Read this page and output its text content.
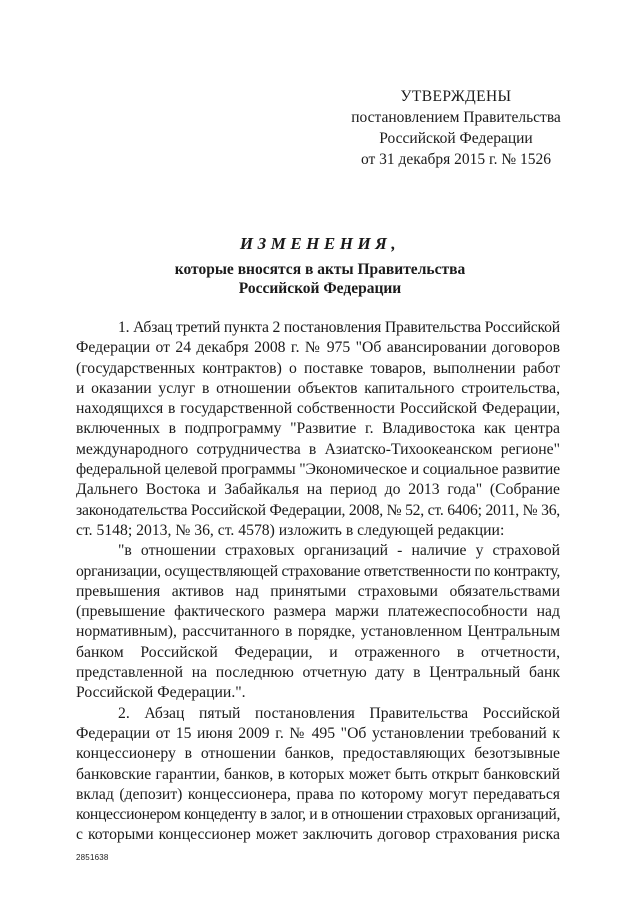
УТВЕРЖДЕНЫ
постановлением Правительства
Российской Федерации
от 31 декабря 2015 г. № 1526
ИЗМЕНЕНИЯ,
которые вносятся в акты Правительства
Российской Федерации
1. Абзац третий пункта 2 постановления Правительства Российской
Федерации от 24 декабря 2008 г. № 975 "Об авансировании договоров
(государственных контрактов) о поставке товаров, выполнении работ
и оказании услуг в отношении объектов капитального строительства,
находящихся в государственной собственности Российской Федерации,
включенных в подпрограмму "Развитие г. Владивостока как центра
международного сотрудничества в Азиатско-Тихоокеанском регионе"
федеральной целевой программы "Экономическое и социальное развитие
Дальнего Востока и Забайкалья на период до 2013 года" (Собрание
законодательства Российской Федерации, 2008, № 52, ст. 6406; 2011, № 36,
ст. 5148; 2013, № 36, ст. 4578) изложить в следующей редакции:
"в отношении страховых организаций - наличие у страховой
организации, осуществляющей страхование ответственности по контракту,
превышения активов над принятыми страховыми обязательствами
(превышение фактического размера маржи платежеспособности над
нормативным), рассчитанного в порядке, установленном Центральным
банком Российской Федерации, и отраженного в отчетности,
представленной на последнюю отчетную дату в Центральный банк
Российской Федерации.".
2. Абзац пятый постановления Правительства Российской
Федерации от 15 июня 2009 г. № 495 "Об установлении требований к
концессионеру в отношении банков, предоставляющих безотзывные
банковские гарантии, банков, в которых может быть открыт банковский
вклад (депозит) концессионера, права по которому могут передаваться
концессионером концеденту в залог, и в отношении страховых организаций,
с которыми концессионер может заключить договор страхования риска
2851638
